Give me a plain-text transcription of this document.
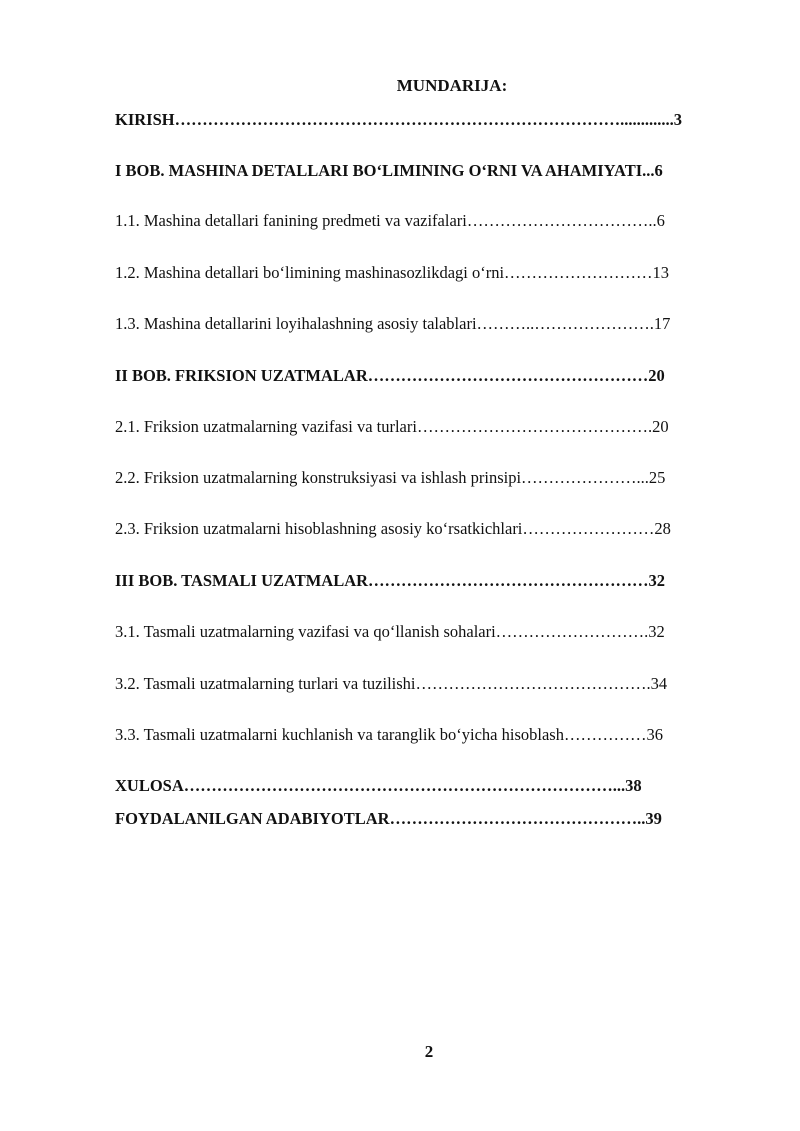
MUNDARIJA:
KIRISH……………………………………………………………………….............3
I BOB. MASHINA DETALLARI BO‘LIMINING O‘RNI VA AHAMIYATI...6
1.1. Mashina detallari fanining predmeti va vazifalari……………………………..6
1.2. Mashina detallari bo‘limining mashinasozlikdagi o‘rni………………………13
1.3. Mashina detallarini loyihalashning asosiy talablari………..………………….17
II BOB. FRIKSION UZATMALAR……………………………………………20
2.1. Friksion uzatmalarning vazifasi va turlari…………………………………….20
2.2. Friksion uzatmalarning konstruksiyasi va ishlash prinsipi…………………...25
2.3. Friksion uzatmalarni hisoblashning asosiy ko‘rsatkichlari……………………28
III BOB. TASMALI UZATMALAR……………………………………………32
3.1. Tasmali uzatmalarning vazifasi va qo‘llanish sohalari……………………….32
3.2. Tasmali uzatmalarning turlari va tuzilishi…………………………………….34
3.3. Tasmali uzatmalarni kuchlanish va taranglik bo‘yicha hisoblash……………36
XULOSA……………………………………………………………………...38
FOYDALANILGAN ADABIYOTLAR………………………………………..39
2
